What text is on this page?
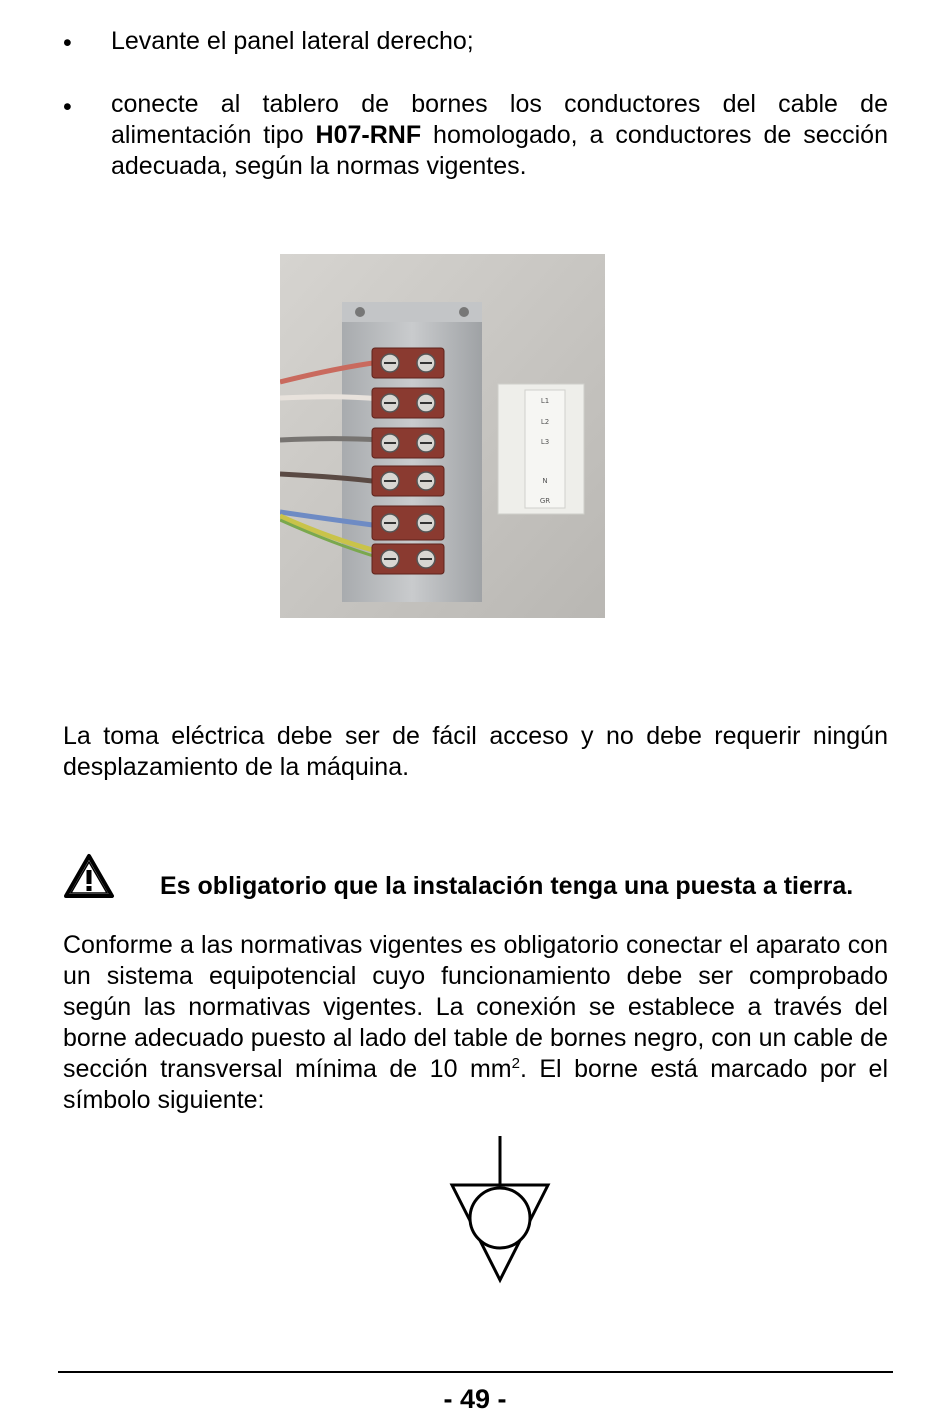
•	Levante el panel lateral derecho;

•	conecte al tablero de bornes los conductores del cable de alimentación tipo H07-RNF homologado, a conductores de sección adecuada, según la normas vigentes.

L1
L2
L3
N
GR

La toma eléctrica debe ser de fácil acceso y no debe requerir ningún desplazamiento de la máquina.

Es obligatorio que la instalación tenga una puesta a tierra.

Conforme a las normativas vigentes es obligatorio conectar el aparato con un sistema equipotencial cuyo funcionamiento debe ser comprobado según las normativas vigentes. La conexión se establece a través del borne adecuado puesto al lado del table de bornes negro, con un cable de sección transversal mínima de 10 $mm^2$. El borne está marcado por el símbolo siguiente:

- 49 -
